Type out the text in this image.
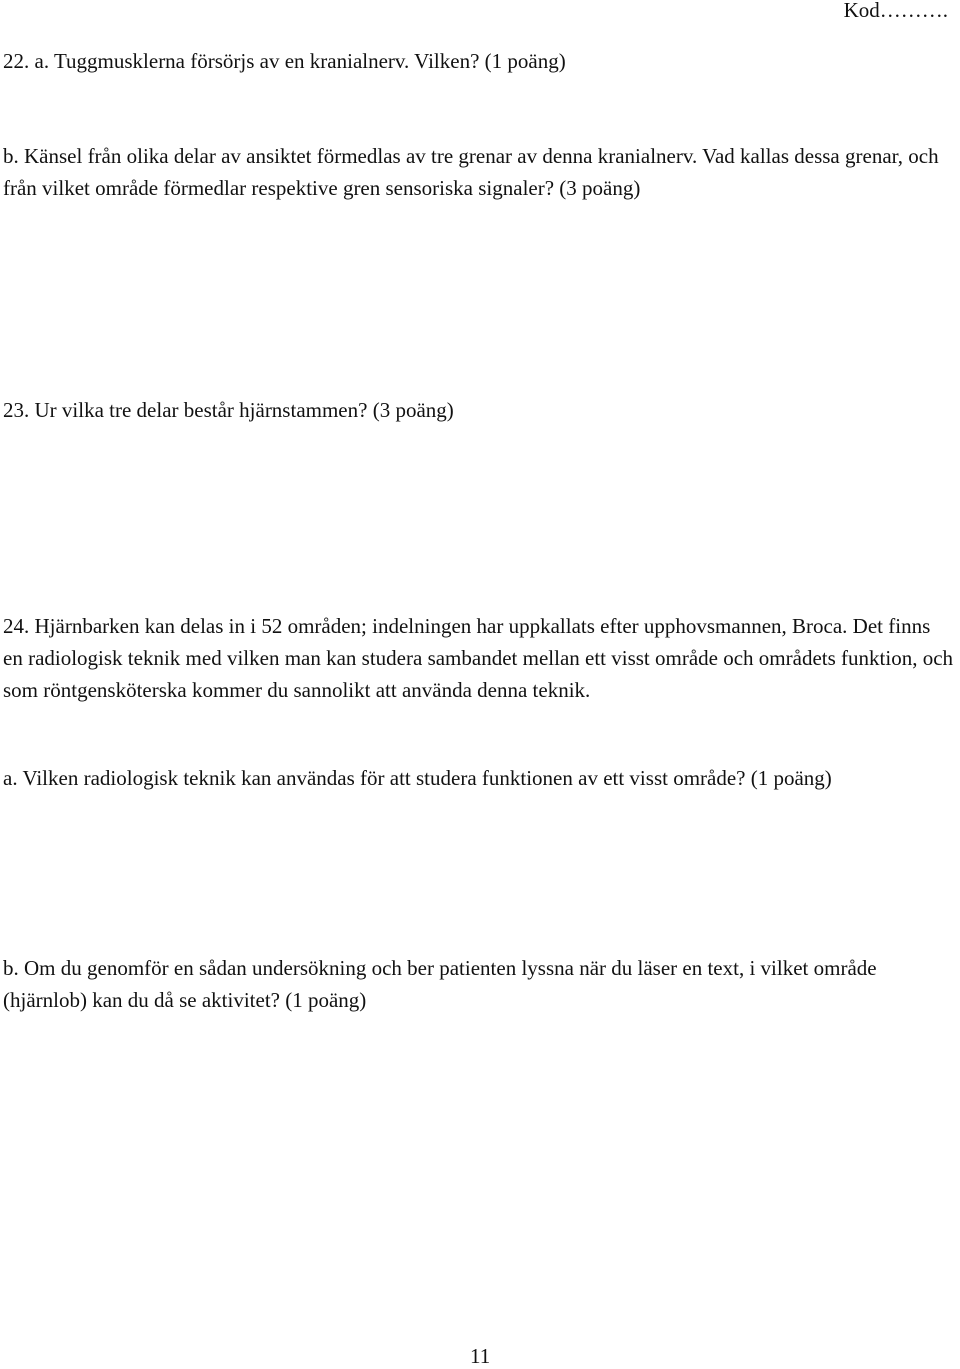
Kod……….
22. a. Tuggmusklerna försörjs av en kranialnerv. Vilken? (1 poäng)
b. Känsel från olika delar av ansiktet förmedlas av tre grenar av denna kranialnerv. Vad kallas dessa grenar, och från vilket område förmedlar respektive gren sensoriska signaler? (3 poäng)
23. Ur vilka tre delar består hjärnstammen? (3 poäng)
24. Hjärnbarken kan delas in i 52 områden; indelningen har uppkallats efter upphovsmannen, Broca. Det finns en radiologisk teknik med vilken man kan studera sambandet mellan ett visst område och områdets funktion, och som röntgensköterska kommer du sannolikt att använda denna teknik.
a. Vilken radiologisk teknik kan användas för att studera funktionen av ett visst område? (1 poäng)
b. Om du genomför en sådan undersökning och ber patienten lyssna när du läser en text, i vilket område (hjärnlob) kan du då se aktivitet? (1 poäng)
11
